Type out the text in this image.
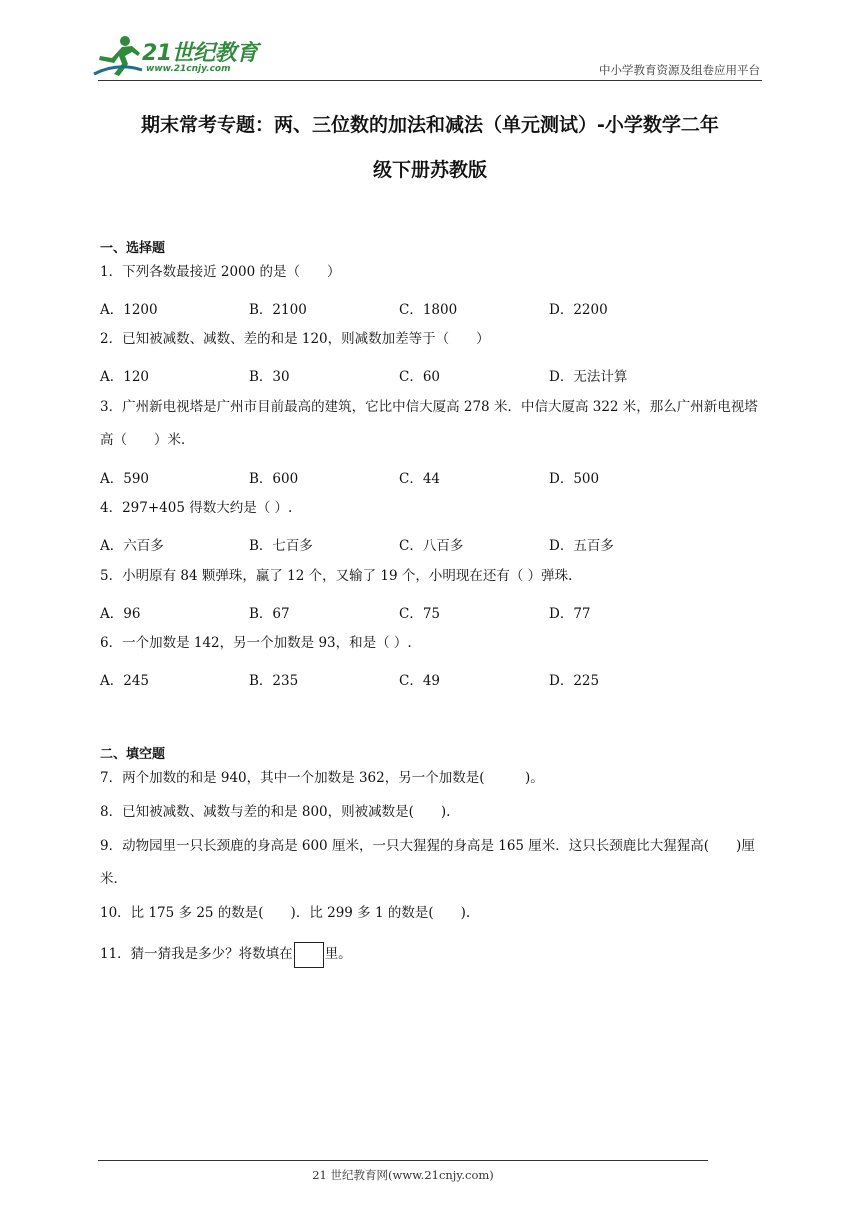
21世纪教育
www.21cnjy.com	中小学教育资源及组卷应用平台
期末常考专题：两、三位数的加法和减法（单元测试）-小学数学二年
级下册苏教版
一、选择题
1．下列各数最接近 2000 的是（　　）
A．1200	B．2100	C．1800	D．2200
2．已知被减数、减数、差的和是 120，则减数加差等于（　　）
A．120	B．30	C．60	D．无法计算
3．广州新电视塔是广州市目前最高的建筑，它比中信大厦高 278 米．中信大厦高 322 米，那么广州新电视塔高（　　）米．
A．590	B．600	C．44	D．500
4．297+405 得数大约是（ ）.
A．六百多	B．七百多	C．八百多	D．五百多
5．小明原有 84 颗弹珠，赢了 12 个，又输了 19 个，小明现在还有（ ）弹珠.
A．96	B．67	C．75	D．77
6．一个加数是 142，另一个加数是 93，和是（ ）.
A．245	B．235	C．49	D．225
二、填空题
7．两个加数的和是 940，其中一个加数是 362，另一个加数是(　　　)。
8．已知被减数、减数与差的和是 800，则被减数是(　　).
9．动物园里一只长颈鹿的身高是 600 厘米，一只大猩猩的身高是 165 厘米．这只长颈鹿比大猩猩高(　　)厘米．
10．比 175 多 25 的数是(　　)．比 299 多 1 的数是(　　).
11．猜一猜我是多少？将数填在 里。
21 世纪教育网(www.21cnjy.com)
